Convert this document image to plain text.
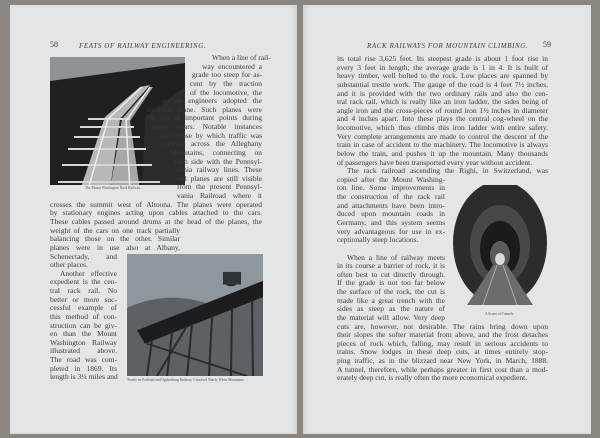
58	FEATS OF RAILWAY ENGINEERING.
The Mount Washington Rack Railway.
When a line of rail-
way encountered a
grade too steep for as-
cent by the traction
of the locomotive, the
earlier engineers adopted the
inclined plane. Such planes were
in use at important points during
many years. Notable instances
were those by which traffic was
carried across the Alleghany
Mountains, connecting on
each side with the Pennsyl-
vania railway lines. These
old planes are still visible
from the present Pennsyl-
vania Railroad where it
crosses the summit west of Altoona. The planes were operated
by stationary engines acting upon cables attached to the cars.
These cables passed around drums at the head of the planes, the
weight of the cars on one track partially
balancing those on the other. Similar
planes were in use also at Albany,
Schenectady, and
other places.
Another effective
expedient is the cen-
tral rack rail. No
better or more suc-
cessful example of
this method of con-
struction can be giv-
en than the Mount
Washington Railway
illustrated above.
The road was com-
pleted in 1869. Its
length is 3¼ miles and	Trestle on Portland and Ogdensburg Railway, Crawford Notch, White Mountains.
RACK RAILWAYS FOR MOUNTAIN CLIMBING. 59
its total rise 3,625 feet. Its steepest grade is about 1 foot rise in
every 3 feet in length; the average grade is 1 in 4. It is built of
heavy timber, well bolted to the rock. Low places are spanned by
substantial trestle work. The gauge of the road is 4 feet 7½ inches,
and it is provided with the two ordinary rails and also the cen-
tral rack rail, which is really like an iron ladder, the sides being of
angle iron and the cross-pieces of round iron 1½ inches in diameter
and 4 inches apart. Into these plays the central cog-wheel on the
locomotive, which thus climbs this iron ladder with entire safety.
Very complete arrangements are made to control the descent of the
train in case of accident to the machinery. The locomotive is always
below the train, and pushes it up the mountain. Many thousands
of passengers have been transported every year without accident.
The rack railroad ascending the Righi, in Switzerland, was
copied after the Mount Washing-
ton line. Some improvements in
the construction of the rack rail
and attachments have been intro-
duced upon mountain roads in
Germany, and this system seems
very advantageous for use in ex-
ceptionally steep locations.
When a line of railway meets
in its course a barrier of rock, it is
often best to cut directly through.
If the grade is not too far below
the surface of the rock, the cut is
made like a great trench with the
sides as steep as the nature of
the material will allow. Very deep
cuts are, however, not desirable. The rains bring down upon
their slopes the softer material from above, and the frost detaches
pieces of rock which, falling, may result in serious accidents to
trains. Snow lodges in these deep cuts, at times entirely stop-
ping traffic, as in the blizzard near New York, in March, 1888.
A tunnel, therefore, while perhaps greater in first cost than a mod-
erately deep cut, is really often the more economical expedient.
A Series of Tunnels.
